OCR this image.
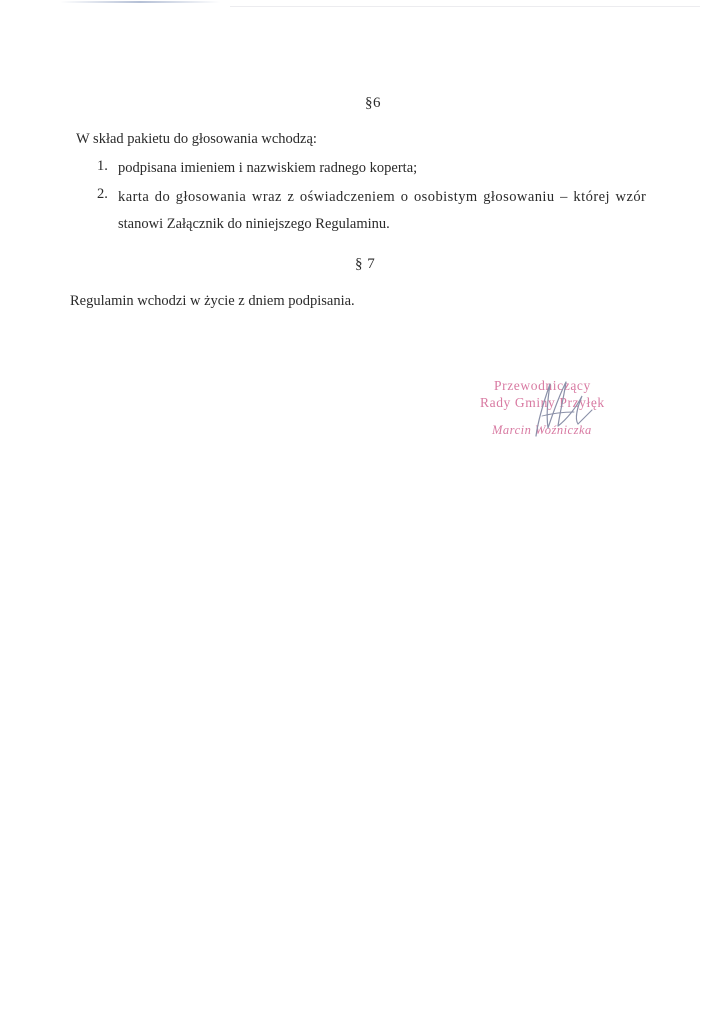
§6
W skład pakietu do głosowania wchodzą:
1. podpisana imieniem i nazwiskiem radnego koperta;
2. karta do głosowania wraz z oświadczeniem o osobistym głosowaniu – której wzór
stanowi Załącznik do niniejszego Regulaminu.
§ 7
Regulamin wchodzi w życie z dniem podpisania.
Przewodniczący
Rady Gminy Przyłęk
Marcin Woźniczka
